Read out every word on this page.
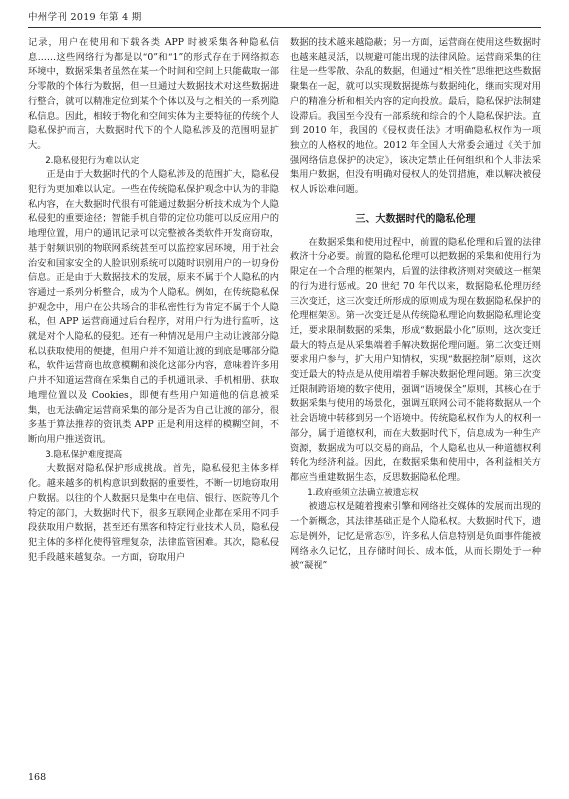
中州学刊 2019 年第 4 期

记录，用户在使用和下载各类 APP 时被采集各种隐私信息……这些网络行为都是以“0”和“1”的形式存在于网络拟态环境中，数据采集者虽然在某一个时间和空间上只能截取一部分零散的个体行为数据，但一旦通过大数据技术对这些数据进行整合，就可以精准定位到某个个体以及与之相关的一系列隐私信息。因此，相较于物化和空间实体为主要特征的传统个人隐私保护而言，大数据时代下的个人隐私涉及的范围明显扩大。

2.隐私侵犯行为难以认定

正是由于大数据时代的个人隐私涉及的范围扩大，隐私侵犯行为更加难以认定。一些在传统隐私保护观念中认为的非隐私内容，在大数据时代很有可能通过数据分析技术成为个人隐私侵犯的重要途径；智能手机自带的定位功能可以反应用户的地理位置，用户的通讯记录可以完整被各类软件开发商窃取，基于射频识别的物联网系统甚至可以监控家居环境，用于社会治安和国家安全的人脸识别系统可以随时识别用户的一切身份信息。正是由于大数据技术的发展，原来不属于个人隐私的内容通过一系列分析整合，成为个人隐私。例如，在传统隐私保护观念中，用户在公共场合的非私密性行为肯定不属于个人隐私，但 APP 运营商通过后台程序，对用户行为进行监听，这就是对个人隐私的侵犯。还有一种情况是用户主动让渡部分隐私以获取使用的便捷，但用户并不知道让渡的到底是哪部分隐私，软件运营商也故意模糊和淡化这部分内容，意味着许多用户并不知道运营商在采集自己的手机通讯录、手机相册、获取地理位置以及 Cookies，即便有些用户知道他的信息被采集，也无法确定运营商采集的部分是否为自己让渡的部分，很多基于算法推荐的资讯类 APP 正是利用这样的模糊空间，不断向用户推送资讯。

3.隐私保护难度提高

大数据对隐私保护形成挑战。首先，隐私侵犯主体多样化。越来越多的机构意识到数据的重要性，不断一切地窃取用户数据。以往的个人数据只是集中在电信、银行、医院等几个特定的部门，大数据时代下，很多互联网企业都在采用不同手段获取用户数据，甚至还有黑客和特定行业技术人员，隐私侵犯主体的多样化使得管理复杂，法律监管困难。其次，隐私侵犯手段越来越复杂。一方面，窃取用户

数据的技术越来越隐蔽；另一方面，运营商在使用这些数据时也越来越灵活，以规避可能出现的法律风险。运营商采集的往往是一些零散、杂乱的数据，但通过“相关性”思维把这些数据聚集在一起，就可以实现数据提炼与数据纯化，继而实现对用户的精准分析和相关内容的定向投放。最后，隐私保护法制建设滞后。我国至今没有一部系统和综合的个人隐私保护法。直到 2010 年，我国的《侵权责任法》才明确隐私权作为一项独立的人格权的地位。2012 年全国人大常委会通过《关于加强网络信息保护的决定》，该决定禁止任何组织和个人非法采集用户数据，但没有明确对侵权人的处罚措施，难以解决被侵权人诉讼难问题。

三、大数据时代的隐私伦理

在数据采集和使用过程中，前置的隐私伦理和后置的法律救济十分必要。前置的隐私伦理可以把数据的采集和使用行为限定在一个合理的框架内，后置的法律救济则对突破这一框架的行为进行惩戒。20 世纪 70 年代以来，数据隐私伦理历经三次变迁，这三次变迁所形成的原则成为现在数据隐私保护的伦理框架⑧。第一次变迁是从传统隐私理论向数据隐私理论变迁，要求限制数据的采集，形成“数据最小化”原则，这次变迁最大的特点是从采集端着手解决数据伦理问题。第二次变迁则要求用户参与，扩大用户知情权，实现“数据控制”原则，这次变迁最大的特点是从使用端着手解决数据伦理问题。第三次变迁限制跨语境的数字使用，强调“语境保全”原则，其核心在于数据采集与使用的场景化，强调互联网公司不能将数据从一个社会语境中转移到另一个语境中。传统隐私权作为人的权利一部分，属于道德权利，而在大数据时代下，信息成为一种生产资源，数据成为可以交易的商品，个人隐私也从一种道德权利转化为经济利益。因此，在数据采集和使用中，各利益相关方都应当重建数据生态，反思数据隐私伦理。

1.政府亟须立法确立被遗忘权

被遗忘权是随着搜索引擎和网络社交媒体的发展而出现的一个新概念，其法律基础正是个人隐私权。大数据时代下，遗忘是例外，记忆是常态⑨，许多私人信息特别是负面事件能被网络永久记忆，且存储时间长、成本低，从而长期处于一种被“凝视”

168
